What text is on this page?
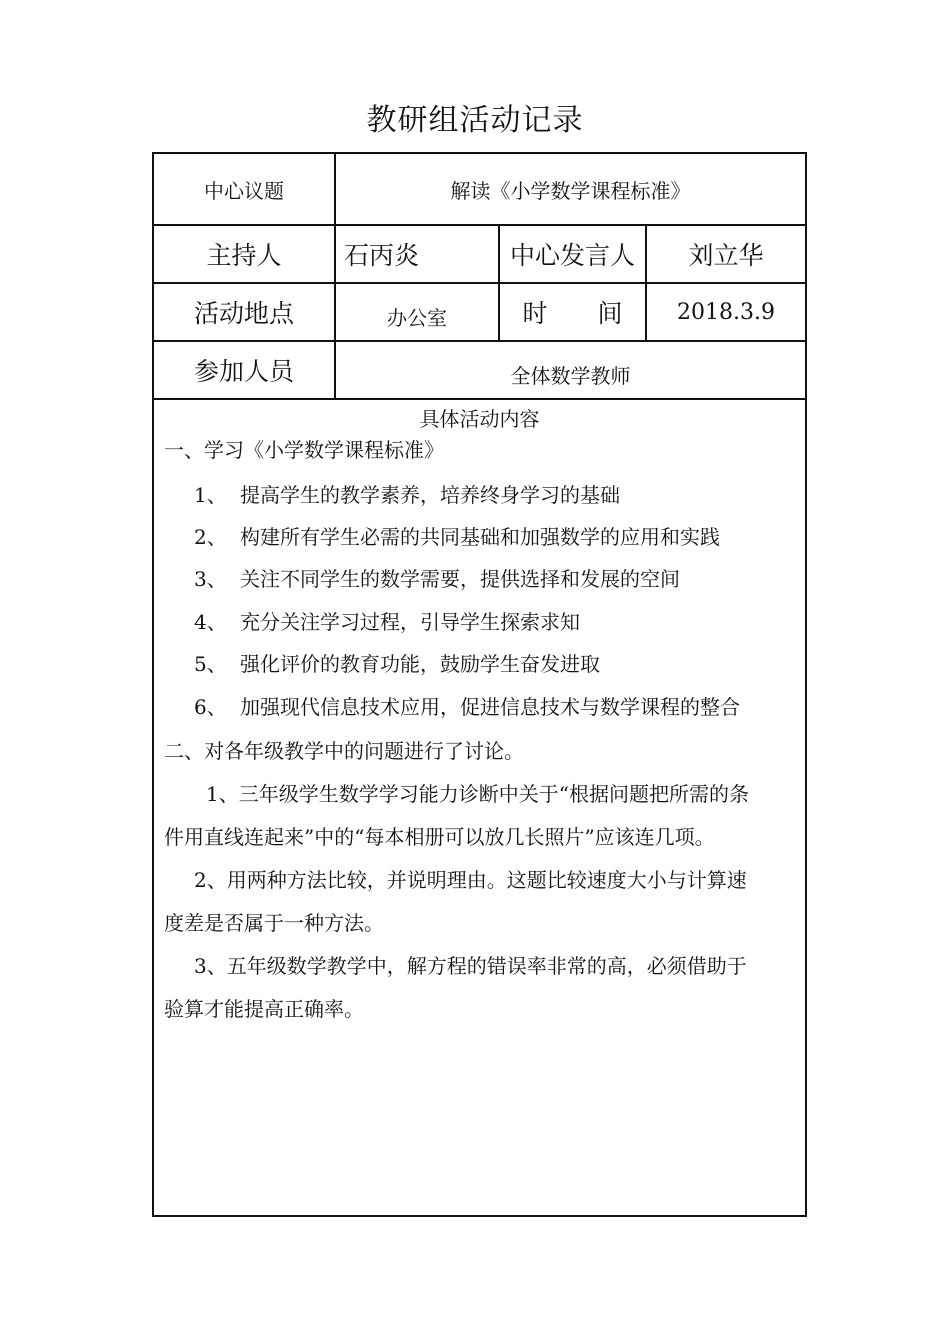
教研组活动记录
中心议题	解读《小学数学课程标准》
主持人	石丙炎	中心发言人	刘立华
活动地点	办公室	时　　间	2018.3.9
参加人员	全体数学教师
具体活动内容
一、学习《小学数学课程标准》
1、 提高学生的教学素养，培养终身学习的基础
2、 构建所有学生必需的共同基础和加强数学的应用和实践
3、 关注不同学生的数学需要，提供选择和发展的空间
4、 充分关注学习过程，引导学生探索求知
5、 强化评价的教育功能，鼓励学生奋发进取
6、 加强现代信息技术应用，促进信息技术与数学课程的整合
二、对各年级教学中的问题进行了讨论。
1、三年级学生数学学习能力诊断中关于“根据问题把所需的条
件用直线连起来”中的“每本相册可以放几长照片”应该连几项。
2、用两种方法比较，并说明理由。这题比较速度大小与计算速
度差是否属于一种方法。
3、五年级数学教学中，解方程的错误率非常的高，必须借助于
验算才能提高正确率。
